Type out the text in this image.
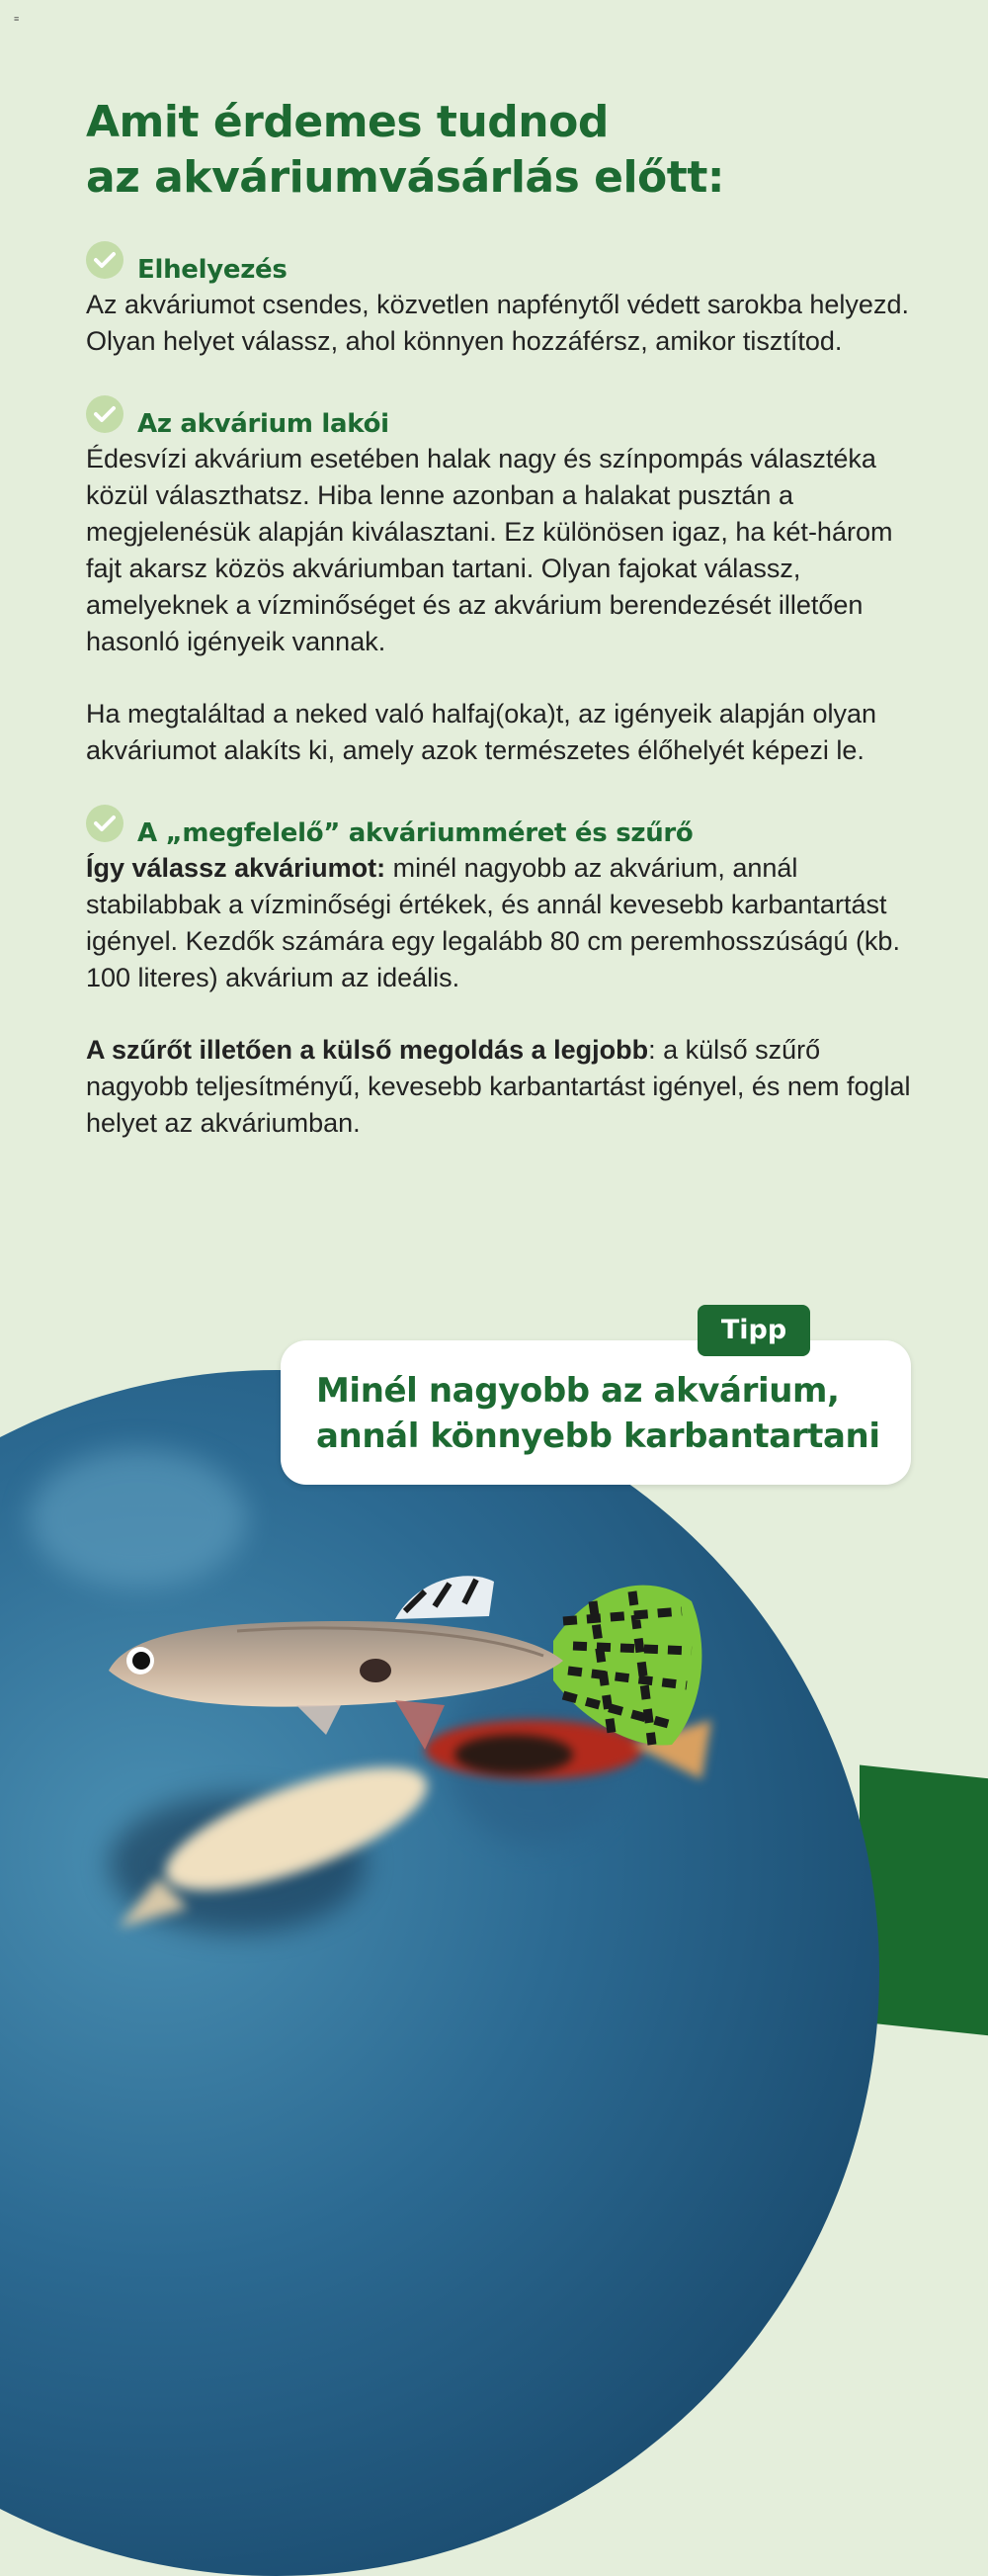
≡
Amit érdemes tudnod
az akváriumvásárlás előtt:
Elhelyezés

Az akváriumot csendes, közvetlen napfénytől védett sarokba helyezd. Olyan helyet válassz, ahol könnyen hozzáférsz, amikor tisztítod.

Az akvárium lakói

Édesvízi akvárium esetében halak nagy és színpompás választéka közül választhatsz. Hiba lenne azonban a halakat pusztán a megjelenésük alapján kiválasztani. Ez különösen igaz, ha két-három fajt akarsz közös akváriumban tartani. Olyan fajokat válassz, amelyeknek a vízminőséget és az akvárium berendezését illetően hasonló igényeik vannak.

Ha megtaláltad a neked való halfaj(oka)t, az igényeik alapján olyan akváriumot alakíts ki, amely azok természetes élőhelyét képezi le.

A „megfelelő” akváriumméret és szűrő

Így válassz akváriumot: minél nagyobb az akvárium, annál stabilabbak a vízminőségi értékek, és annál kevesebb karbantartást igényel. Kezdők számára egy legalább 80 cm peremhosszúságú (kb. 100 literes) akvárium az ideális.

A szűrőt illetően a külső megoldás a legjobb: a külső szűrő nagyobb teljesítményű, kevesebb karbantartást igényel, és nem foglal helyet az akváriumban.

Minél nagyobb az akvárium,
annál könnyebb karbantartani
Tipp
